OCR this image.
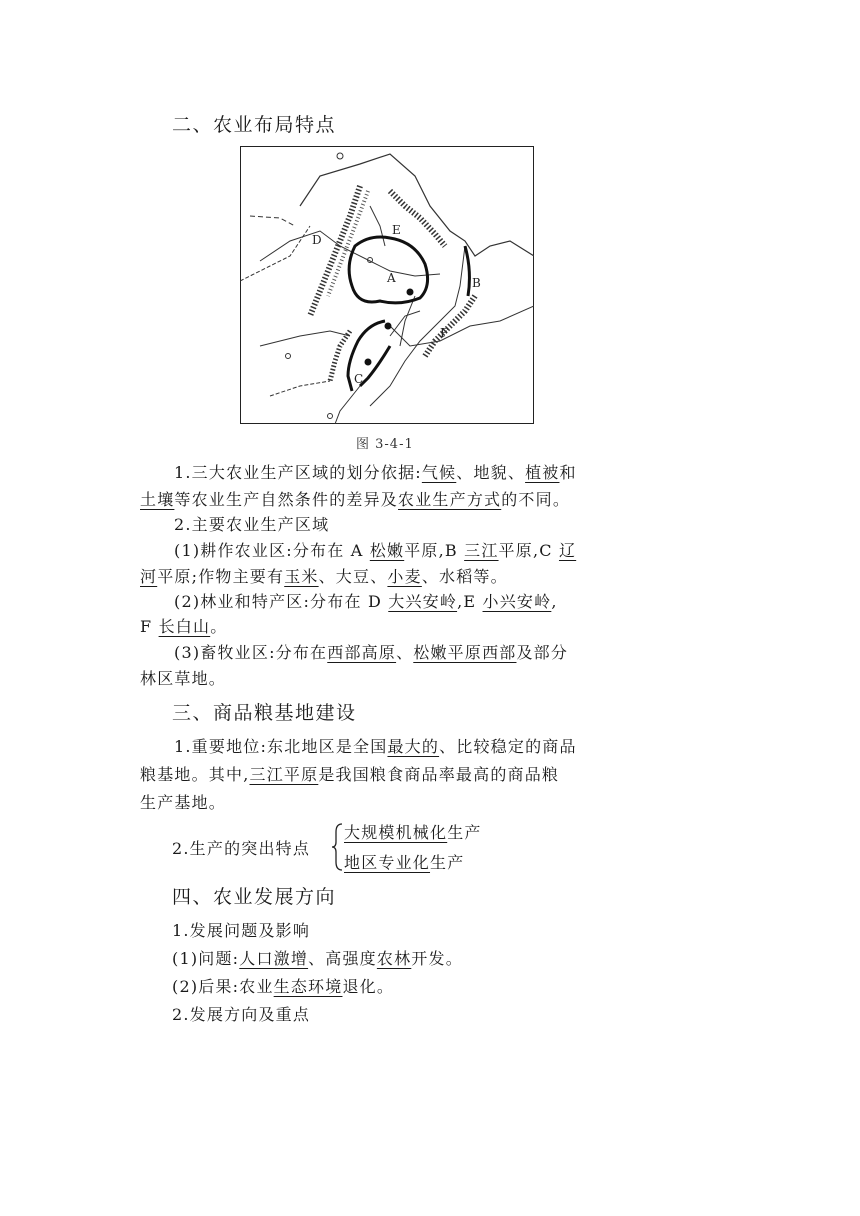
二、农业布局特点
A	B
C
D
E
F
图 3-4-1
1.三大农业生产区域的划分依据:气候、地貌、植被和
土壤等农业生产自然条件的差异及农业生产方式的不同。
2.主要农业生产区域
(1)耕作农业区:分布在 A 松嫩平原,B 三江平原,C 辽
河平原;作物主要有玉米、大豆、小麦、水稻等。
(2)林业和特产区:分布在 D 大兴安岭,E 小兴安岭,
F 长白山。
(3)畜牧业区:分布在西部高原、松嫩平原西部及部分
林区草地。
三、商品粮基地建设
1.重要地位:东北地区是全国最大的、比较稳定的商品
粮基地。其中,三江平原是我国粮食商品率最高的商品粮
生产基地。
2.生产的突出特点
大规模机械化生产
地区专业化生产
四、农业发展方向
1.发展问题及影响
(1)问题:人口激增、高强度农林开发。
(2)后果:农业生态环境退化。
2.发展方向及重点
